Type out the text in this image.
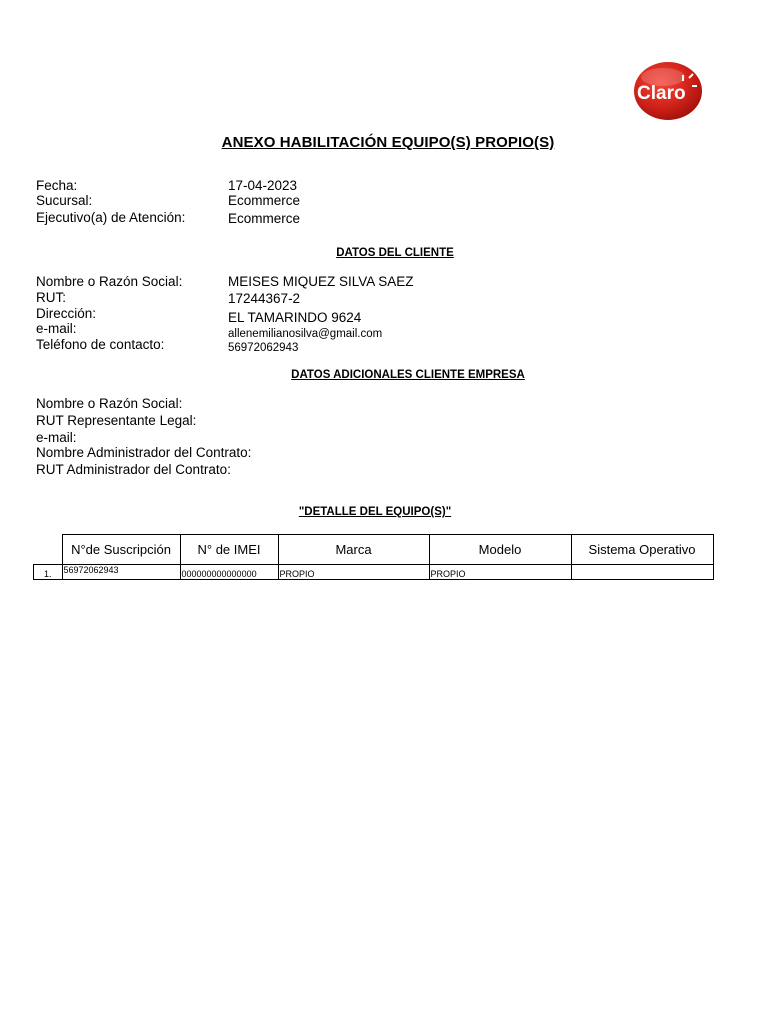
Claro
ANEXO HABILITACIÓN EQUIPO(S) PROPIO(S)
Fecha:	17-04-2023
Sucursal:	Ecommerce
Ejecutivo(a) de Atención:	Ecommerce
DATOS DEL CLIENTE
Nombre o Razón Social:	MEISES MIQUEZ SILVA SAEZ
RUT:	17244367-2
Dirección:	EL TAMARINDO 9624
e-mail:	allenemilianosilva@gmail.com
Teléfono de contacto:	56972062943
DATOS ADICIONALES CLIENTE EMPRESA
Nombre o Razón Social:
RUT Representante Legal:
e-mail:
Nombre Administrador del Contrato:
RUT Administrador del Contrato:
"DETALLE DEL EQUIPO(S)"
	N°de Suscripción	N° de IMEI	Marca	Modelo	Sistema Operativo
1.	56972062943	000000000000000	PROPIO	PROPIO	
